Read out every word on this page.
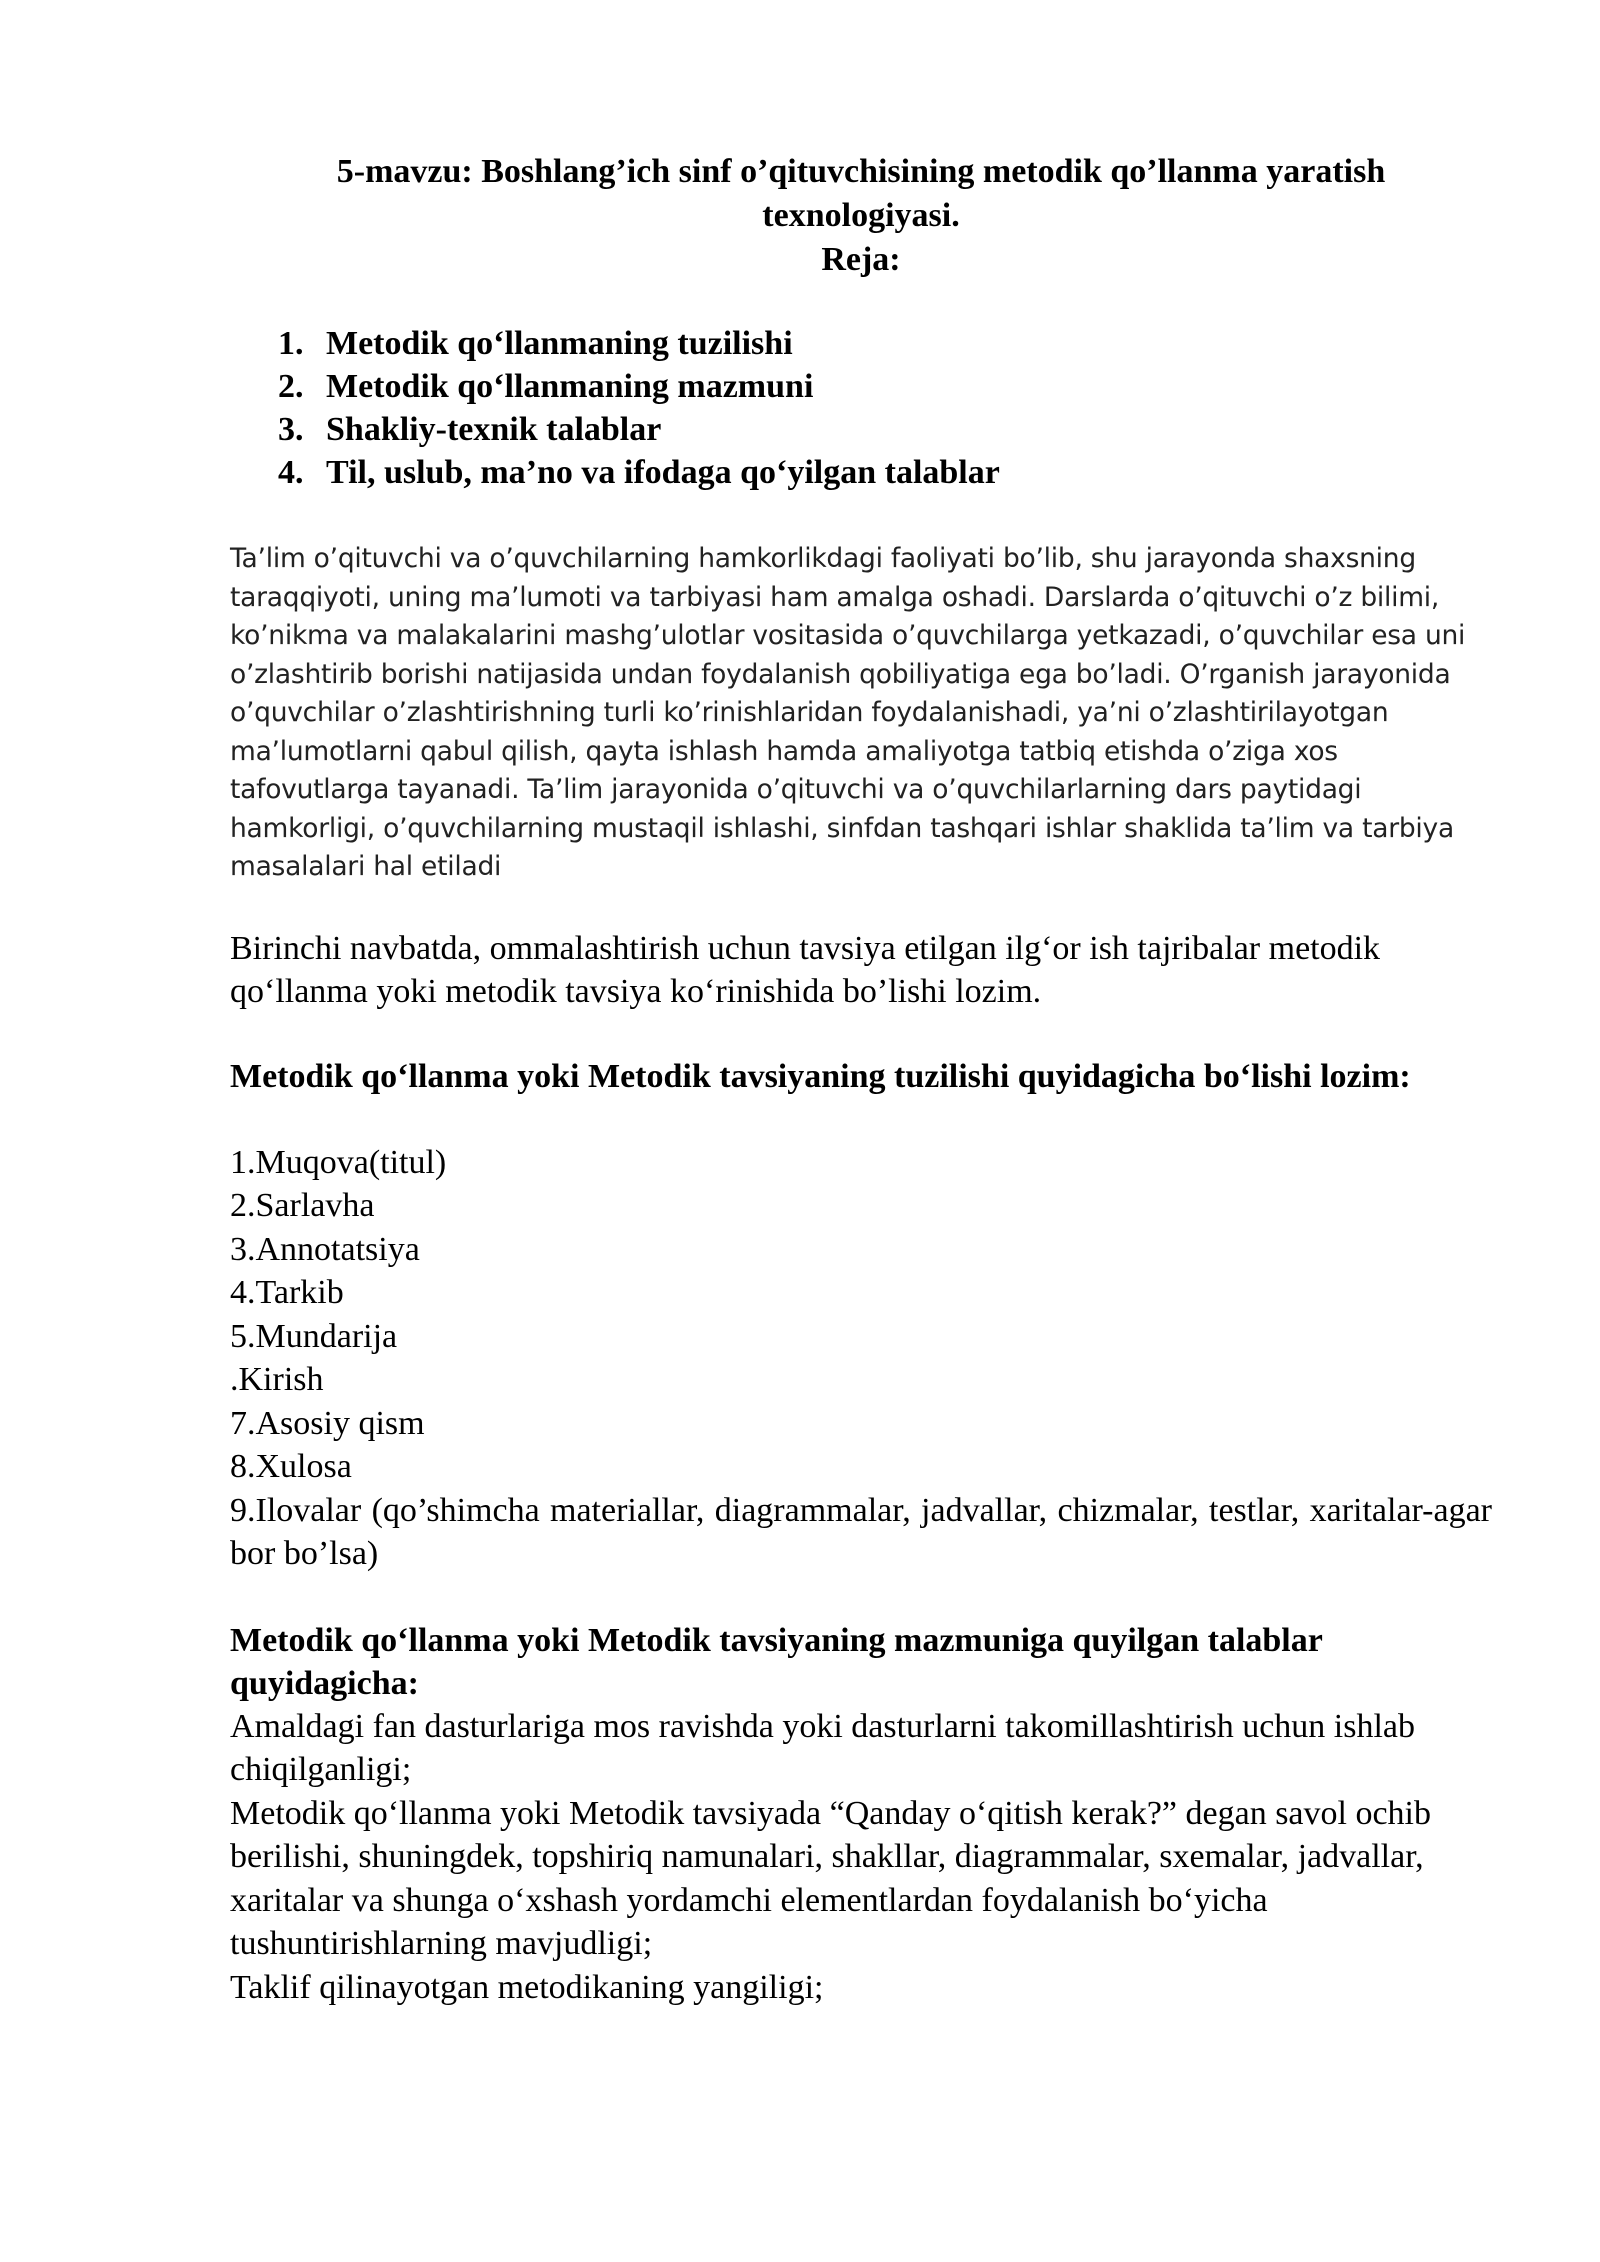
5-mavzu: Boshlang’ich sinf o’qituvchisining metodik qo’llanma yaratish
texnologiyasi.
Reja:
1. Metodik qo‘llanmaning tuzilishi
2. Metodik qo‘llanmaning mazmuni
3. Shakliy-texnik talablar
4. Til, uslub, ma’no va ifodaga qo‘yilgan talablar

Ta’lim o’qituvchi va o’quvchilarning hamkorlikdagi faoliyati bo’lib, shu jarayonda shaxsning taraqqiyoti, uning ma’lumoti va tarbiyasi ham amalga oshadi. Darslarda o’qituvchi o’z bilimi, ko’nikma va malakalarini mashg’ulotlar vositasida o’quvchilarga yetkazadi, o’quvchilar esa uni o’zlashtirib borishi natijasida undan foydalanish qobiliyatiga ega bo’ladi. O’rganish jarayonida o’quvchilar o’zlashtirishning turli ko’rinishlaridan foydalanishadi, ya’ni o’zlashtirilayotgan ma’lumotlarni qabul qilish, qayta ishlash hamda amaliyotga tatbiq etishda o’ziga xos tafovutlarga tayanadi. Ta’lim jarayonida o’qituvchi va o’quvchilarlarning dars paytidagi hamkorligi, o’quvchilarning mustaqil ishlashi, sinfdan tashqari ishlar shaklida ta’lim va tarbiya masalalari hal etiladi

Birinchi navbatda, ommalashtirish uchun tavsiya etilgan ilg‘or ish tajribalar metodik qo‘llanma yoki metodik tavsiya ko‘rinishida bo’lishi lozim.

Metodik qo‘llanma yoki Metodik tavsiyaning tuzilishi quyidagicha bo‘lishi lozim:

1.Muqova(titul)
2.Sarlavha
3.Annotatsiya
4.Tarkib
5.Mundarija
.Kirish
7.Asosiy qism
8.Xulosa
9.Ilovalar (qo’shimcha materiallar, diagrammalar, jadvallar, chizmalar, testlar, xaritalar-agar bor bo’lsa)

Metodik qo‘llanma yoki Metodik tavsiyaning mazmuniga quyilgan talablar quyidagicha:

Amaldagi fan dasturlariga mos ravishda yoki dasturlarni takomillashtirish uchun ishlab chiqilganligi;

Metodik qo‘llanma yoki Metodik tavsiyada “Qanday o‘qitish kerak?” degan savol ochib berilishi, shuningdek, topshiriq namunalari, shakllar, diagrammalar, sxemalar, jadvallar, xaritalar va shunga o‘xshash yordamchi elementlardan foydalanish bo‘yicha tushuntirishlarning mavjudligi;

Taklif qilinayotgan metodikaning yangiligi;
